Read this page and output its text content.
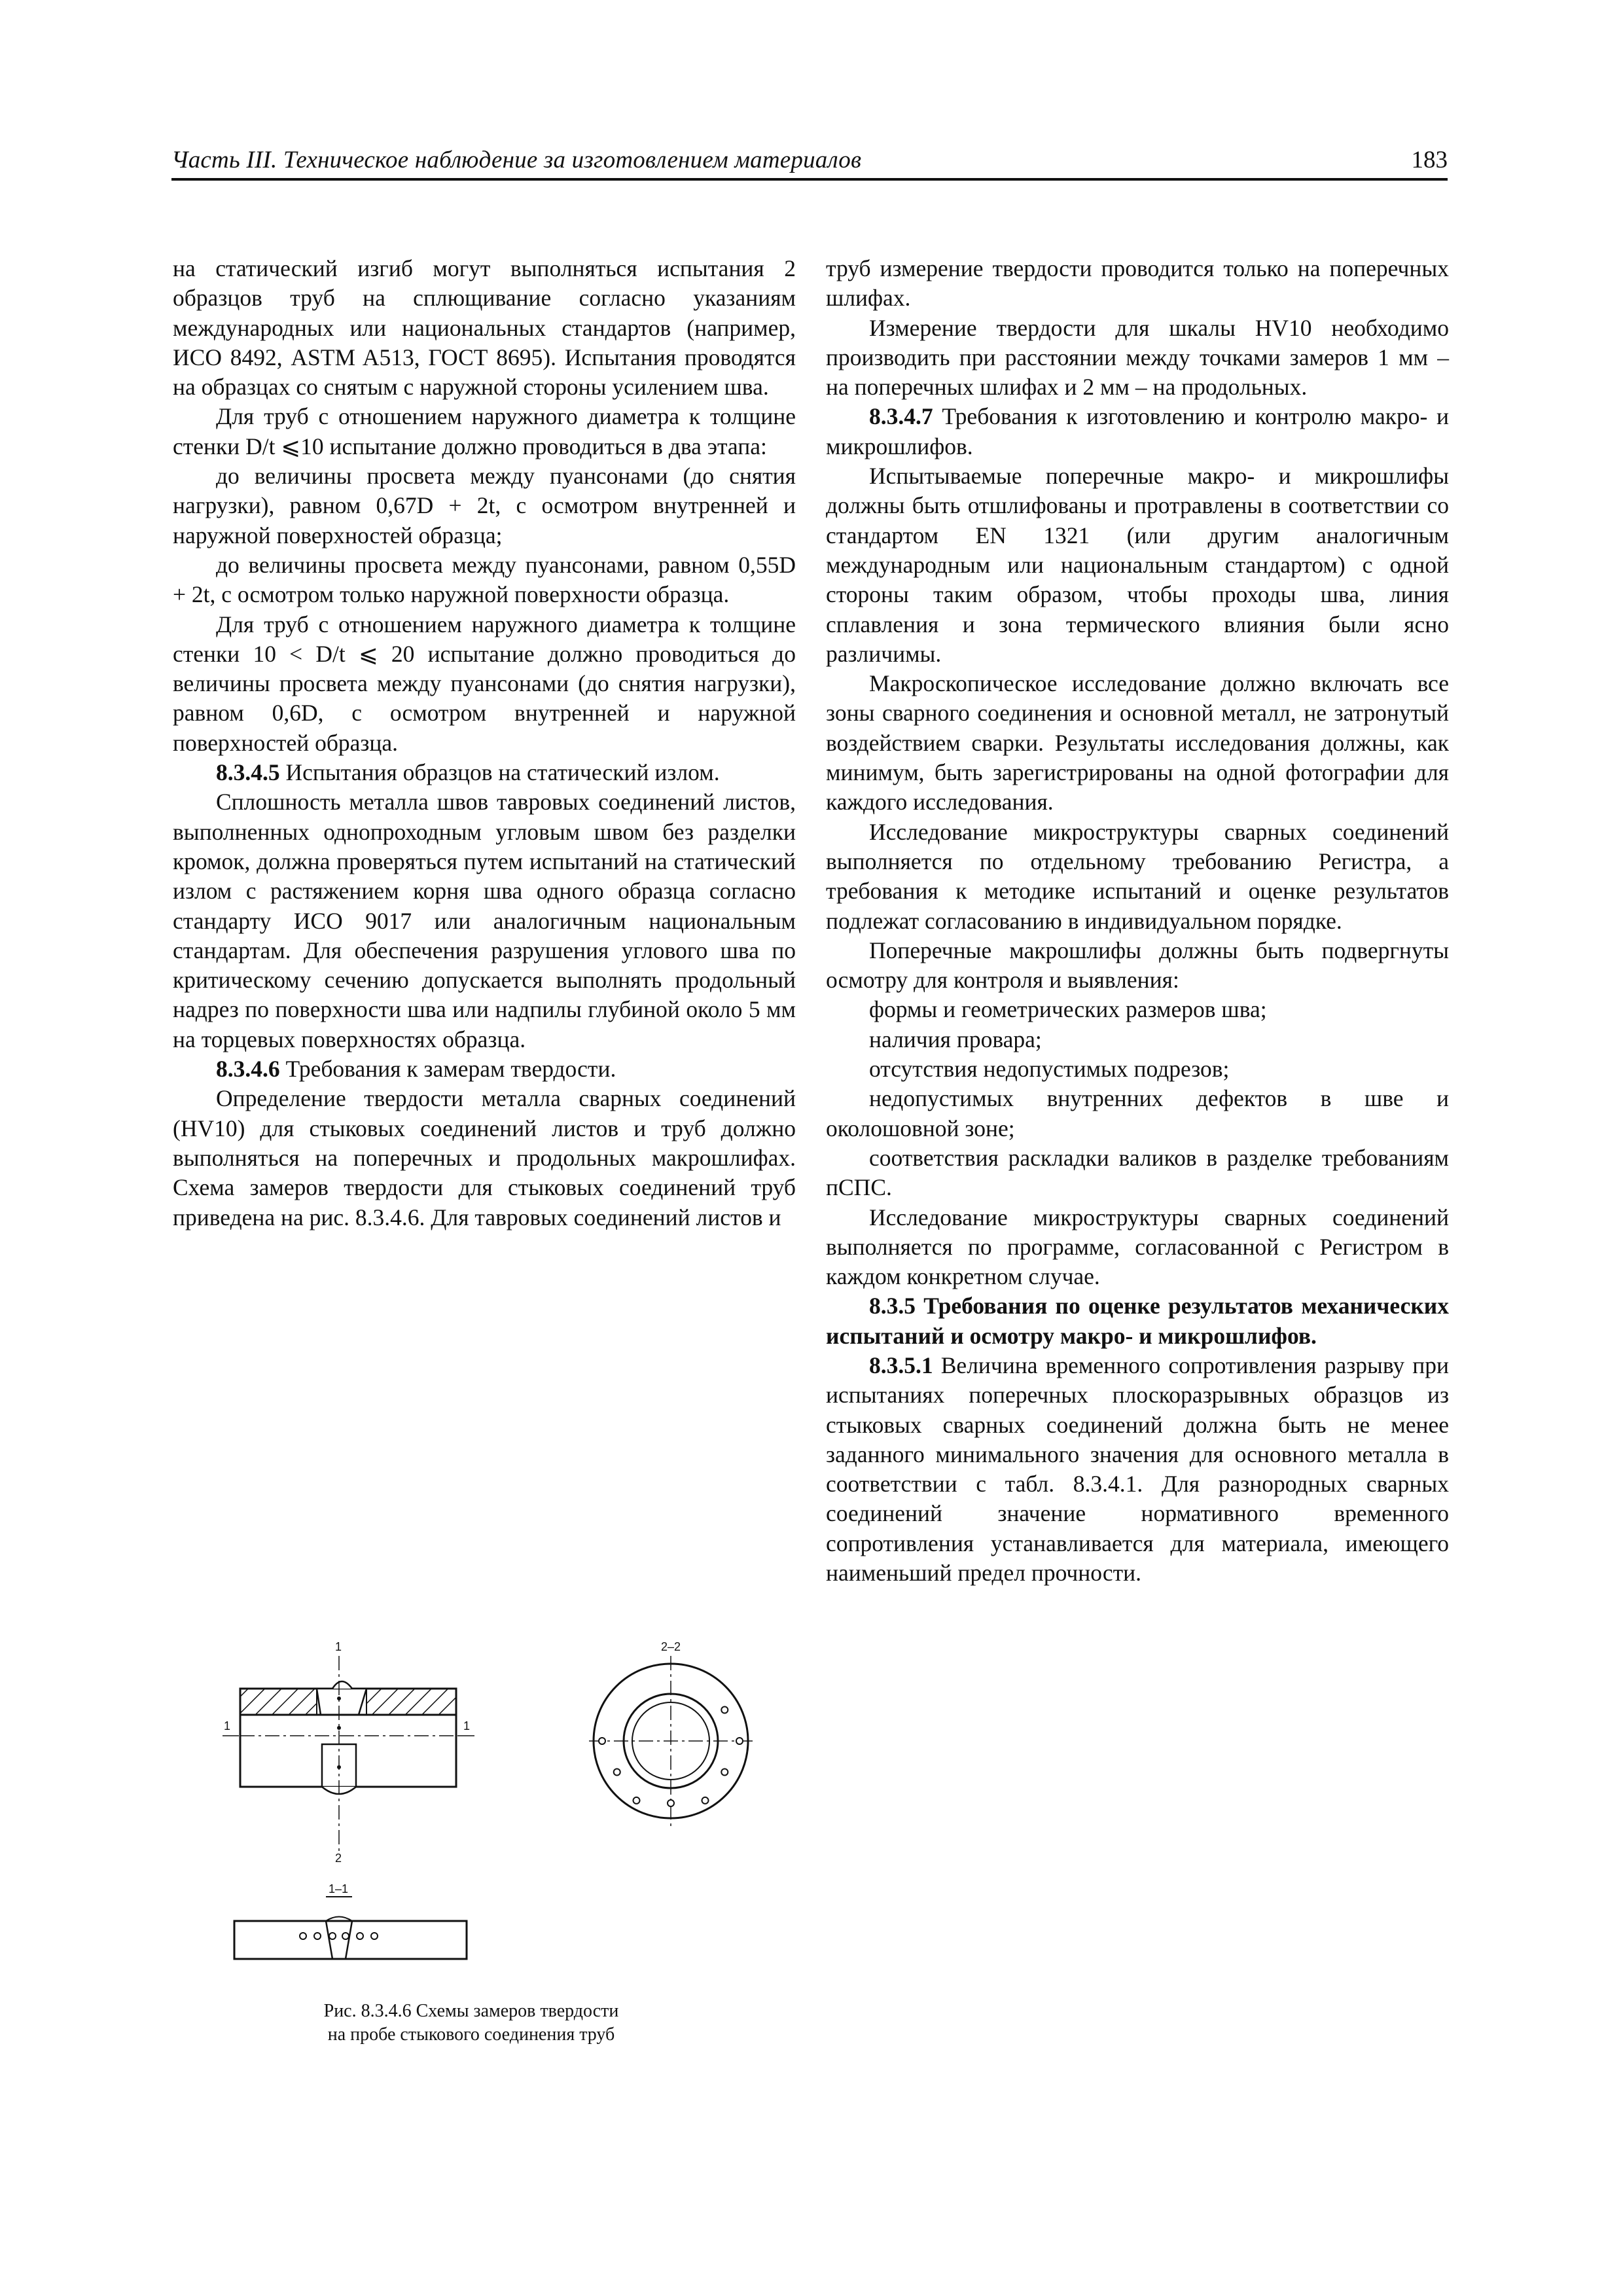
Часть III. Техническое наблюдение за изготовлением материалов	183

на статический изгиб могут выполняться испытания 2 образцов труб на сплющивание согласно указаниям международных или национальных стандартов (например, ИСО 8492, ASTM A513, ГОСТ 8695). Испытания проводятся на образцах со снятым с наружной стороны усилением шва.

Для труб с отношением наружного диаметра к толщине стенки D/t ⩽10 испытание должно проводиться в два этапа:

до величины просвета между пуансонами (до снятия нагрузки), равном 0,67D + 2t, с осмотром внутренней и наружной поверхностей образца;

до величины просвета между пуансонами, равном 0,55D + 2t, с осмотром только наружной поверхности образца.

Для труб с отношением наружного диаметра к толщине стенки 10 < D/t ⩽ 20 испытание должно проводиться до величины просвета между пуансонами (до снятия нагрузки), равном 0,6D, с осмотром внутренней и наружной поверхностей образца.

8.3.4.5 Испытания образцов на статический излом.

Сплошность металла швов тавровых соединений листов, выполненных однопроходным угловым швом без разделки кромок, должна проверяться путем испытаний на статический излом с растяжением корня шва одного образца согласно стандарту ИСО 9017 или аналогичным национальным стандартам. Для обеспечения разрушения углового шва по критическому сечению допускается выполнять продольный надрез по поверхности шва или надпилы глубиной около 5 мм на торцевых поверхностях образца.

8.3.4.6 Требования к замерам твердости.

Определение твердости металла сварных соединений (HV10) для стыковых соединений листов и труб должно выполняться на поперечных и продольных макрошлифах. Схема замеров твердости для стыковых соединений труб приведена на рис. 8.3.4.6. Для тавровых соединений листов и

труб измерение твердости проводится только на поперечных шлифах.

Измерение твердости для шкалы HV10 необходимо производить при расстоянии между точками замеров 1 мм – на поперечных шлифах и 2 мм – на продольных.

8.3.4.7 Требования к изготовлению и контролю макро- и микрошлифов.

Испытываемые поперечные макро- и микрошлифы должны быть отшлифованы и протравлены в соответствии со стандартом EN 1321 (или другим аналогичным международным или национальным стандартом) с одной стороны таким образом, чтобы проходы шва, линия сплавления и зона термического влияния были ясно различимы.

Макроскопическое исследование должно включать все зоны сварного соединения и основной металл, не затронутый воздействием сварки. Результаты исследования должны, как минимум, быть зарегистрированы на одной фотографии для каждого исследования.

Исследование микроструктуры сварных соединений выполняется по отдельному требованию Регистра, а требования к методике испытаний и оценке результатов подлежат согласованию в индивидуальном порядке.

Поперечные макрошлифы должны быть подвергнуты осмотру для контроля и выявления:

формы и геометрических размеров шва;

наличия провара;

отсутствия недопустимых подрезов;

недопустимых внутренних дефектов в шве и околошовной зоне;

соответствия раскладки валиков в разделке требованиям пСПС.

Исследование микроструктуры сварных соединений выполняется по программе, согласованной с Регистром в каждом конкретном случае.

8.3.5 Требования по оценке результатов механических испытаний и осмотру макро- и микрошлифов.

8.3.5.1 Величина временного сопротивления разрыву при испытаниях поперечных плоскоразрывных образцов из стыковых сварных соединений должна быть не менее заданного минимального значения для основного металла в соответствии с табл. 8.3.4.1. Для разнородных сварных соединений значение нормативного временного сопротивления устанавливается для материала, имеющего наименьший предел прочности.

1
1	1
2
2–2
1–1
Рис. 8.3.4.6 Схемы замеров твердости
на пробе стыкового соединения труб
